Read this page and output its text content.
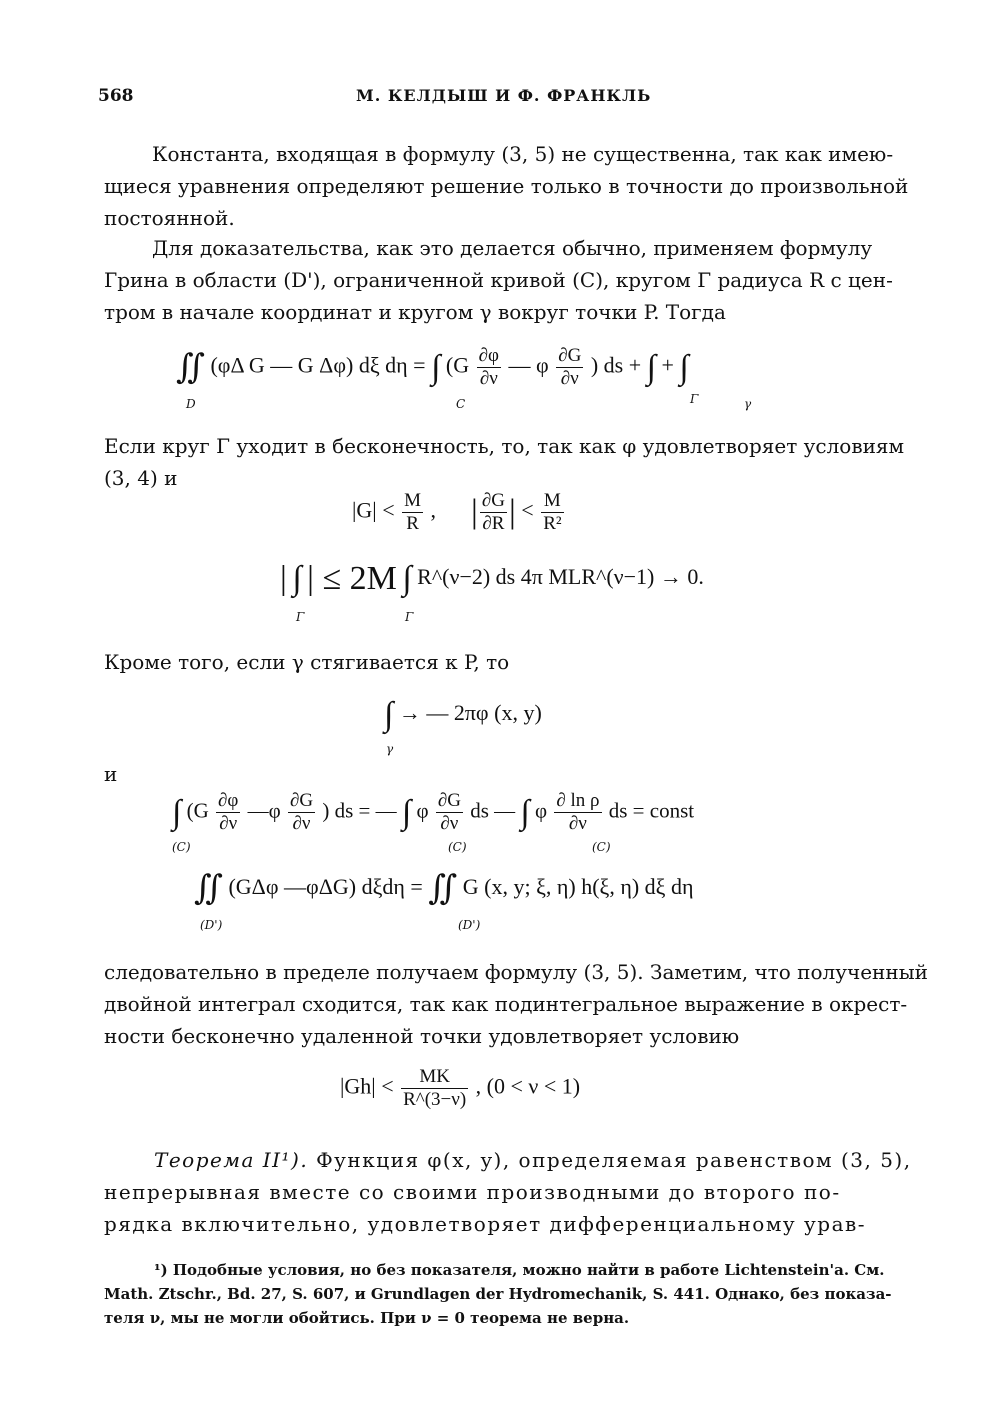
568	М. КЕЛДЫШ И Ф. ФРАНКЛЬ

Константа, входящая в формулу (3, 5) не существенна, так как имею-

щиеся уравнения определяют решение только в точности до произвольной
постоянной.

Для доказательства, как это делается обычно, применяем формулу

Грина в области (D'), ограниченной кривой (C), кругом Γ радиуса R с цен-
тром в начале координат и кругом γ вокруг точки P. Тогда

∬ (φΔ G — G Δφ) dξ dη = ∫ ($G \frac{\partial\varphi}{\partial\nu}$ — φ $\frac{\partial G}{\partial\nu}$ ) ds + ∫ + ∫
D	C	Γ	γ

Если круг Γ уходит в бесконечность, то, так как φ удовлетворяет условиям
(3, 4) и

$|G| < \frac{M}{R}$ , | $\frac{\partial G}{\partial R}$ | < $\frac{M}{\text{R²}}$
| ∫ | ≤ 2M ∫ R^(ν−2) ds 4π MLR^(ν−1) → 0.
Γ	Γ

Кроме того, если γ стягивается к P, то

∫ → — 2πφ (x, y)
γ

и

∫ ($G \frac{\partial\varphi}{\partial\nu}$ —φ $\frac{\partial G}{\partial\nu}$ ) ds = — ∫ φ $\frac{\partial G}{\partial\nu}$ ds — ∫ φ $\frac{\text{∂ ln ρ}}{\partial\nu}$ ds = const
(C)	(C)	(C)
∬ (GΔφ —φΔG) dξdη = ∬ G (x, y; ξ, η) h(ξ, η) dξ dη
(D')	(D')

следовательно в пределе получаем формулу (3, 5). Заметим, что полученный
двойной интеграл сходится, так как подинтегральное выражение в окрест-
ности бесконечно удаленной точки удовлетворяет условию

$|Gh| < \frac{MK}{R\^{}(3-\nu)}$ , (0 < ν < 1)

Теорема II¹). Функция φ(x, y), определяемая равенством (3, 5),
непрерывная вместе со своими производными до второго по-
рядка включительно, удовлетворяет дифференциальному урав-

¹) Подобные условия, но без показателя, можно найти в работе Lichtenstein'a. См.
Math. Ztschr., Bd. 27, S. 607, и Grundlagen der Hydromechanik, S. 441. Однако, без показа-
теля ν, мы не могли обойтись. При ν = 0 теорема не верна.
